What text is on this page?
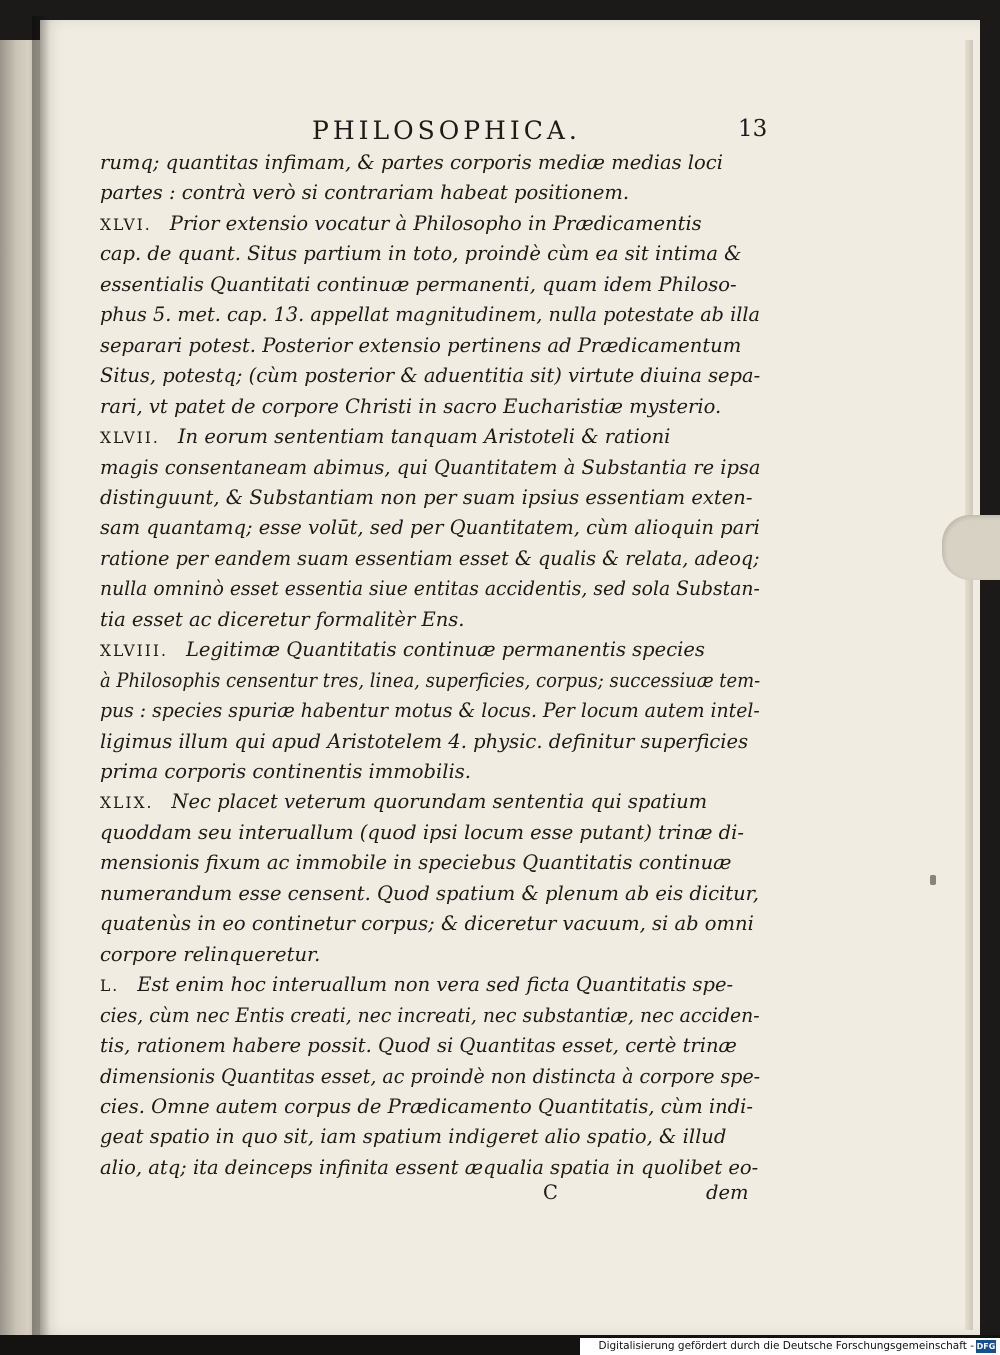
PHILOSOPHICA.	13
rumq; quantitas infimam, & partes corporis mediæ medias loci
partes : contrà verò si contrariam habeat positionem.
XLVI. Prior extensio vocatur à Philosopho in Prædicamentis
cap. de quant. Situs partium in toto, proindè cùm ea sit intima &
essentialis Quantitati continuæ permanenti, quam idem Philoso-
phus 5. met. cap. 13. appellat magnitudinem, nulla potestate ab illa
separari potest. Posterior extensio pertinens ad Prædicamentum
Situs, potestq; (cùm posterior & aduentitia sit) virtute diuina sepa-
rari, vt patet de corpore Christi in sacro Eucharistiæ mysterio.
XLVII. In eorum sententiam tanquam Aristoteli & rationi
magis consentaneam abimus, qui Quantitatem à Substantia re ipsa
distinguunt, & Substantiam non per suam ipsius essentiam exten-
sam quantamq; esse volūt, sed per Quantitatem, cùm alioquin pari
ratione per eandem suam essentiam esset & qualis & relata, adeoq;
nulla omninò esset essentia siue entitas accidentis, sed sola Substan-
tia esset ac diceretur formalitèr Ens.
XLVIII. Legitimæ Quantitatis continuæ permanentis species
à Philosophis censentur tres, linea, superficies, corpus; successiuæ tem-
pus : species spuriæ habentur motus & locus. Per locum autem intel-
ligimus illum qui apud Aristotelem 4. physic. definitur superficies
prima corporis continentis immobilis.
XLIX. Nec placet veterum quorundam sententia qui spatium
quoddam seu interuallum (quod ipsi locum esse putant) trinæ di-
mensionis fixum ac immobile in speciebus Quantitatis continuæ
numerandum esse censent. Quod spatium & plenum ab eis dicitur,
quatenùs in eo continetur corpus; & diceretur vacuum, si ab omni
corpore relinqueretur.
L. Est enim hoc interuallum non vera sed ficta Quantitatis spe-
cies, cùm nec Entis creati, nec increati, nec substantiæ, nec acciden-
tis, rationem habere possit. Quod si Quantitas esset, certè trinæ
dimensionis Quantitas esset, ac proindè non distincta à corpore spe-
cies. Omne autem corpus de Prædicamento Quantitatis, cùm indi-
geat spatio in quo sit, iam spatium indigeret alio spatio, & illud
alio, atq; ita deinceps infinita essent æqualia spatia in quolibet eo-
C	dem
Digitalisierung gefördert durch die Deutsche Forschungsgemeinschaft - DFG
